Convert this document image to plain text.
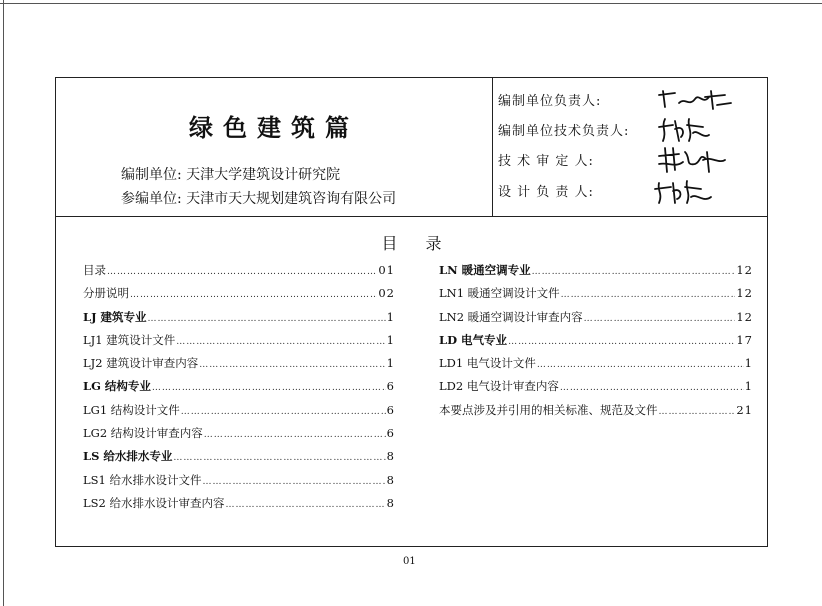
绿色建筑篇
编制单位: 天津大学建筑设计研究院
参编单位: 天津市天大规划建筑咨询有限公司
编制单位负责人:
编制单位技术负责人:
技 术 审 定 人:
设 计 负 责 人:
目录
目录 …………………………………………………………………………………………………………………………………………	01
分册说明 …………………………………………………………………………………………………………………………………………	02
LJ 建筑专业 …………………………………………………………………………………………………………………………………………	1
LJ1 建筑设计文件 …………………………………………………………………………………………………………………………………………	1
LJ2 建筑设计审查内容 …………………………………………………………………………………………………………………………………………	1
LG 结构专业 …………………………………………………………………………………………………………………………………………	6
LG1 结构设计文件 …………………………………………………………………………………………………………………………………………	6
LG2 结构设计审查内容 …………………………………………………………………………………………………………………………………………	6
LS 给水排水专业 …………………………………………………………………………………………………………………………………………	8
LS1 给水排水设计文件 …………………………………………………………………………………………………………………………………………	8
LS2 给水排水设计审查内容 …………………………………………………………………………………………………………………………………………	8
LN 暖通空调专业 …………………………………………………………………………………………………………………………………………	12
LN1 暖通空调设计文件 …………………………………………………………………………………………………………………………………………	12
LN2 暖通空调设计审查内容 …………………………………………………………………………………………………………………………………………	12
LD 电气专业 …………………………………………………………………………………………………………………………………………	17
LD1 电气设计文件 …………………………………………………………………………………………………………………………………………	1
LD2 电气设计审查内容 …………………………………………………………………………………………………………………………………………	1
本要点涉及并引用的相关标准、规范及文件 …………………………………………………………………………………………………………………………………………	21
01
